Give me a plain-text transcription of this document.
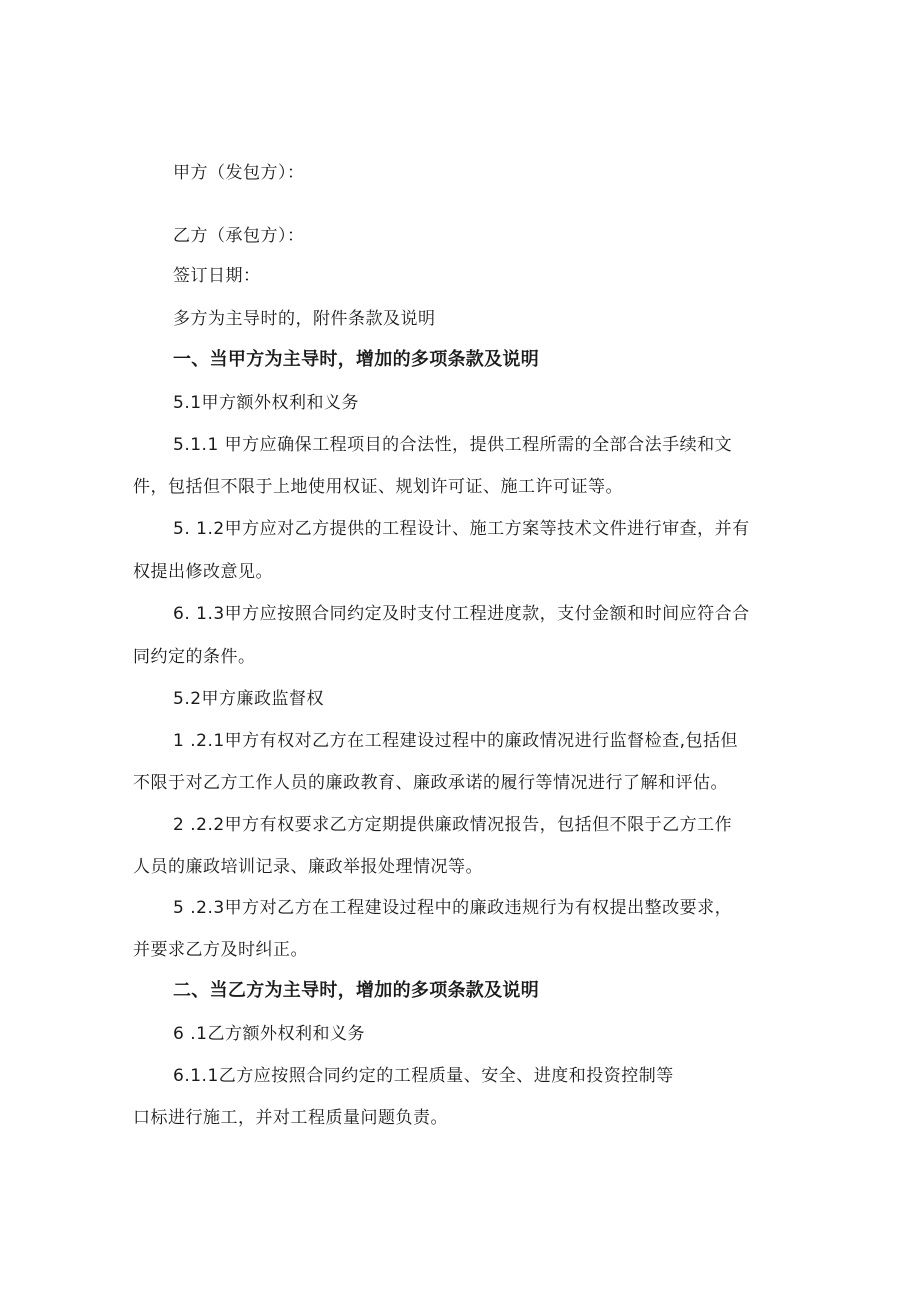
甲方（发包方）：
乙方（承包方）：
签订日期：
多方为主导时的，附件条款及说明
一、当甲方为主导时，增加的多项条款及说明
5.1甲方额外权利和义务
5.1.1 甲方应确保工程项目的合法性，提供工程所需的全部合法手续和文
件，包括但不限于上地使用权证、规划许可证、施工许可证等。
5. 1.2甲方应对乙方提供的工程设计、施工方案等技术文件进行审查，并有
权提出修改意见。
6. 1.3甲方应按照合同约定及时支付工程进度款，支付金额和时间应符合合
同约定的条件。
5.2甲方廉政监督权
1 .2.1甲方有权对乙方在工程建设过程中的廉政情况进行监督检查,包括但
不限于对乙方工作人员的廉政教育、廉政承诺的履行等情况进行了解和评估。
2 .2.2甲方有权要求乙方定期提供廉政情况报告，包括但不限于乙方工作
人员的廉政培训记录、廉政举报处理情况等。
5 .2.3甲方对乙方在工程建设过程中的廉政违规行为有权提出整改要求，
并要求乙方及时纠正。
二、当乙方为主导时，增加的多项条款及说明
6 .1乙方额外权利和义务
6.1.1乙方应按照合同约定的工程质量、安全、进度和投资控制等
口标进行施工，并对工程质量问题负责。
